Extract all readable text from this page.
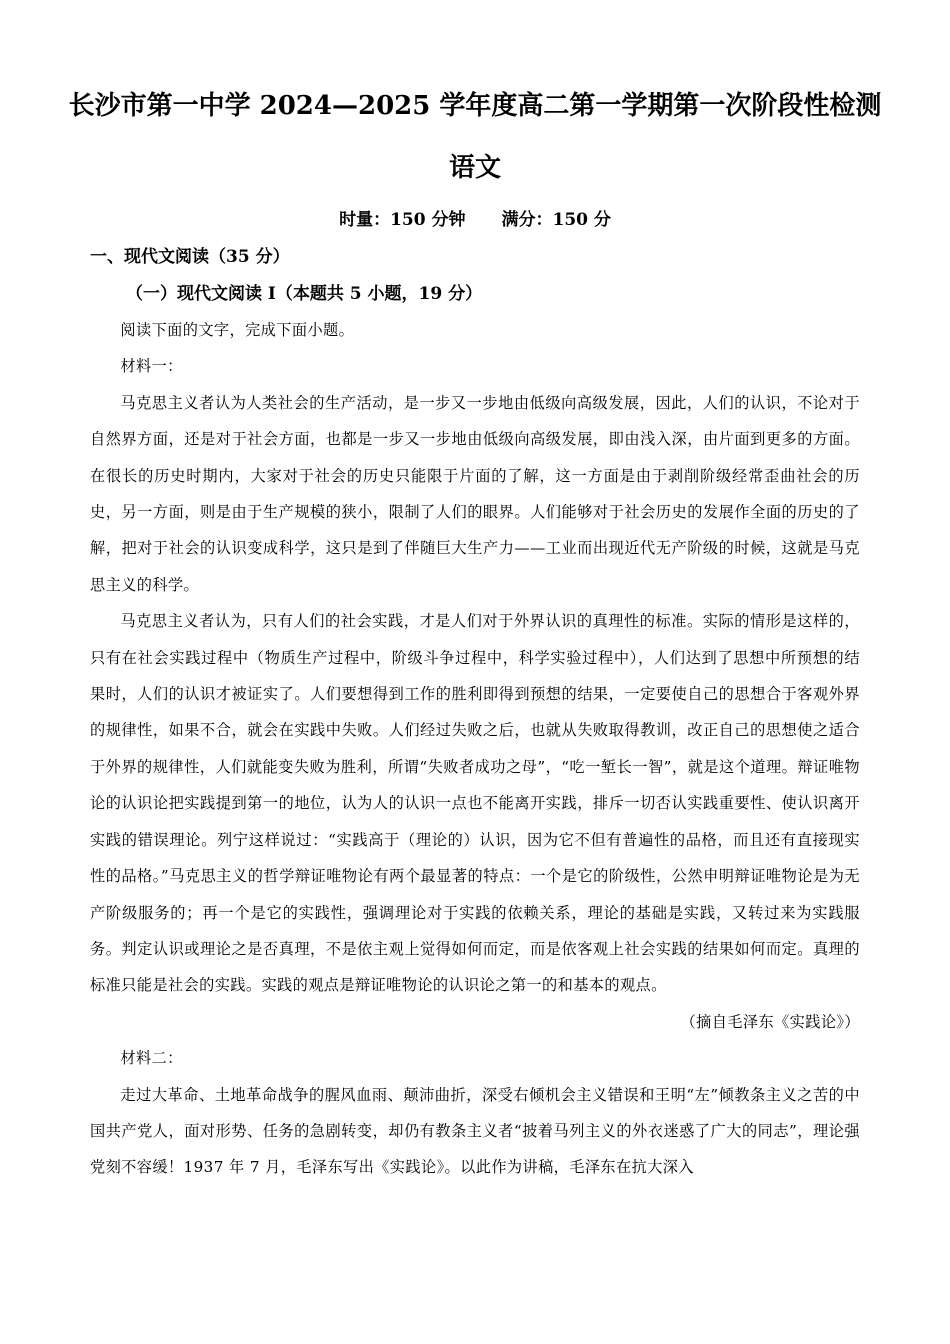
长沙市第一中学 2024—2025 学年度高二第一学期第一次阶段性检测
语文
时量：150 分钟 满分：150 分
一、现代文阅读（35 分）
（一）现代文阅读 I（本题共 5 小题，19 分）

阅读下面的文字，完成下面小题。

材料一：

马克思主义者认为人类社会的生产活动，是一步又一步地由低级向高级发展，因此，人们的认识，不论对于自然界方面，还是对于社会方面，也都是一步又一步地由低级向高级发展，即由浅入深，由片面到更多的方面。在很长的历史时期内，大家对于社会的历史只能限于片面的了解，这一方面是由于剥削阶级经常歪曲社会的历史，另一方面，则是由于生产规模的狭小，限制了人们的眼界。人们能够对于社会历史的发展作全面的历史的了解，把对于社会的认识变成科学，这只是到了伴随巨大生产力——工业而出现近代无产阶级的时候，这就是马克思主义的科学。

马克思主义者认为，只有人们的社会实践，才是人们对于外界认识的真理性的标准。实际的情形是这样的，只有在社会实践过程中（物质生产过程中，阶级斗争过程中，科学实验过程中），人们达到了思想中所预想的结果时，人们的认识才被证实了。人们要想得到工作的胜利即得到预想的结果，一定要使自己的思想合于客观外界的规律性，如果不合，就会在实践中失败。人们经过失败之后，也就从失败取得教训，改正自己的思想使之适合于外界的规律性，人们就能变失败为胜利，所谓“失败者成功之母”，“吃一堑长一智”，就是这个道理。辩证唯物论的认识论把实践提到第一的地位，认为人的认识一点也不能离开实践，排斥一切否认实践重要性、使认识离开实践的错误理论。列宁这样说过：“实践高于（理论的）认识，因为它不但有普遍性的品格，而且还有直接现实性的品格。”马克思主义的哲学辩证唯物论有两个最显著的特点：一个是它的阶级性，公然申明辩证唯物论是为无产阶级服务的；再一个是它的实践性，强调理论对于实践的依赖关系，理论的基础是实践，又转过来为实践服务。判定认识或理论之是否真理，不是依主观上觉得如何而定，而是依客观上社会实践的结果如何而定。真理的标准只能是社会的实践。实践的观点是辩证唯物论的认识论之第一的和基本的观点。

（摘自毛泽东《实践论》）

材料二：

走过大革命、土地革命战争的腥风血雨、颠沛曲折，深受右倾机会主义错误和王明“左”倾教条主义之苦的中国共产党人，面对形势、任务的急剧转变，却仍有教条主义者“披着马列主义的外衣迷惑了广大的同志”，理论强党刻不容缓！1937 年 7 月，毛泽东写出《实践论》。以此作为讲稿，毛泽东在抗大深入
